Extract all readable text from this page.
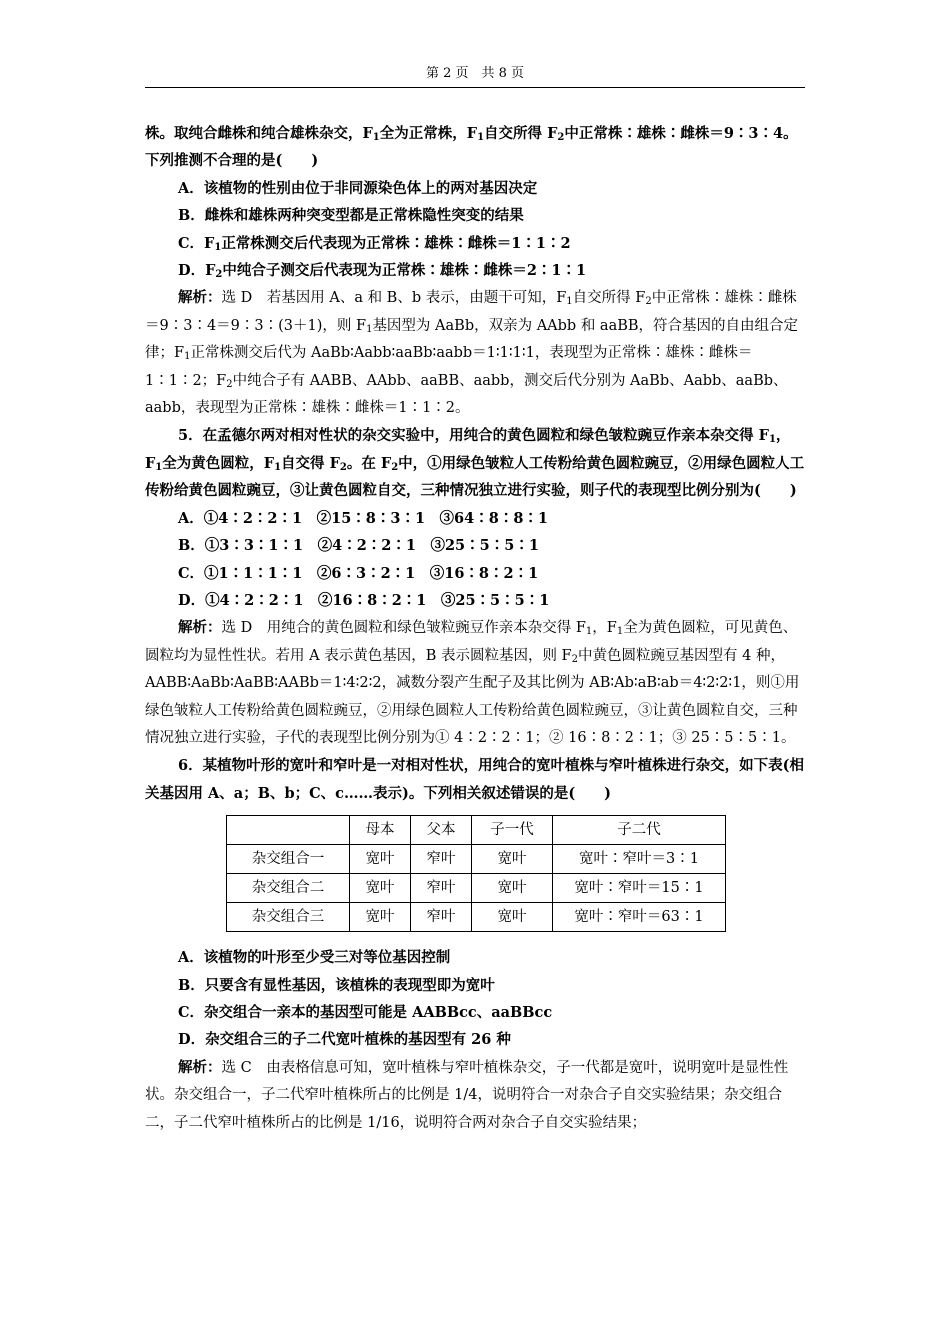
第 2 页　共 8 页

株。取纯合雌株和纯合雄株杂交，$F_1$全为正常株，$F_1$自交所得 $F_2$中正常株∶雄株∶雌株＝9∶3∶4。下列推测不合理的是(　　)

A．该植物的性别由位于非同源染色体上的两对基因决定

B．雌株和雄株两种突变型都是正常株隐性突变的结果

C．$F_1$正常株测交后代表现为正常株∶雄株∶雌株＝1∶1∶2

D．$F_2$中纯合子测交后代表现为正常株∶雄株∶雌株＝2∶1∶1

解析：选 D　若基因用 A、a 和 B、b 表示，由题干可知，$F_1$自交所得 $F_2$中正常株∶雄株∶雌株＝9∶3∶4＝9∶3∶(3＋1)，则 $F_1$基因型为 AaBb，双亲为 AAbb 和 aaBB，符合基因的自由组合定律；$F_1$正常株测交后代为 AaBb∶Aabb∶aaBb∶aabb＝1∶1∶1∶1，表现型为正常株∶雄株∶雌株＝1∶1∶2；$F_2$中纯合子有 AABB、AAbb、aaBB、aabb，测交后代分别为 AaBb、Aabb、aaBb、aabb，表现型为正常株∶雄株∶雌株＝1∶1∶2。

5．在孟德尔两对相对性状的杂交实验中，用纯合的黄色圆粒和绿色皱粒豌豆作亲本杂交得 $F_1$，$F_1$全为黄色圆粒，$F_1$自交得 $F_2$。在 $F_2$中，①用绿色皱粒人工传粉给黄色圆粒豌豆，②用绿色圆粒人工传粉给黄色圆粒豌豆，③让黄色圆粒自交，三种情况独立进行实验，则子代的表现型比例分别为(　　)

A．①4∶2∶2∶1　②15∶8∶3∶1　③64∶8∶8∶1

B．①3∶3∶1∶1　②4∶2∶2∶1　③25∶5∶5∶1

C．①1∶1∶1∶1　②6∶3∶2∶1　③16∶8∶2∶1

D．①4∶2∶2∶1　②16∶8∶2∶1　③25∶5∶5∶1

解析：选 D　用纯合的黄色圆粒和绿色皱粒豌豆作亲本杂交得 $F_1$，$F_1$全为黄色圆粒，可见黄色、圆粒均为显性性状。若用 A 表示黄色基因，B 表示圆粒基因，则 $F_2$中黄色圆粒豌豆基因型有 4 种，AABB∶AaBb∶AaBB∶AABb＝1∶4∶2∶2，减数分裂产生配子及其比例为 AB∶Ab∶aB∶ab＝4∶2∶2∶1，则①用绿色皱粒人工传粉给黄色圆粒豌豆，②用绿色圆粒人工传粉给黄色圆粒豌豆，③让黄色圆粒自交，三种情况独立进行实验，子代的表现型比例分别为① 4∶2∶2∶1；② 16∶8∶2∶1；③ 25∶5∶5∶1。

6．某植物叶形的宽叶和窄叶是一对相对性状，用纯合的宽叶植株与窄叶植株进行杂交，如下表(相关基因用 A、a；B、b；C、c……表示)。下列相关叙述错误的是(　　)

	母本	父本	子一代	子二代
杂交组合一	宽叶	窄叶	宽叶	宽叶∶窄叶＝3∶1
杂交组合二	宽叶	窄叶	宽叶	宽叶∶窄叶＝15∶1
杂交组合三	宽叶	窄叶	宽叶	宽叶∶窄叶＝63∶1

A．该植物的叶形至少受三对等位基因控制

B．只要含有显性基因，该植株的表现型即为宽叶

C．杂交组合一亲本的基因型可能是 AABBcc、aaBBcc

D．杂交组合三的子二代宽叶植株的基因型有 26 种

解析：选 C　由表格信息可知，宽叶植株与窄叶植株杂交，子一代都是宽叶，说明宽叶是显性性状。杂交组合一，子二代窄叶植株所占的比例是 1/4，说明符合一对杂合子自交实验结果；杂交组合二，子二代窄叶植株所占的比例是 1/16，说明符合两对杂合子自交实验结果；
